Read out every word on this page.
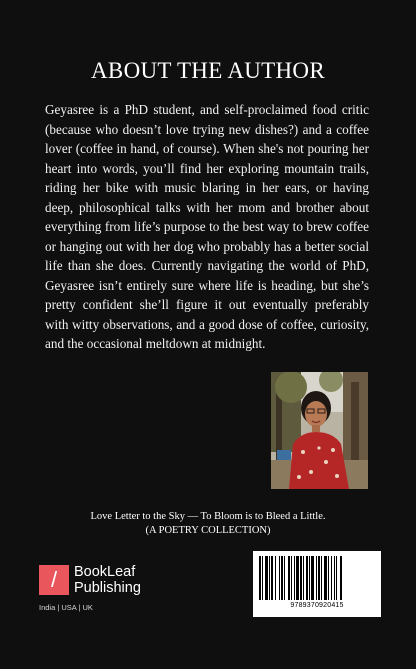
ABOUT THE AUTHOR
Geyasree is a PhD student, and self-proclaimed food critic (because who doesn’t love trying new dishes?) and a coffee lover (coffee in hand, of course). When she's not pouring her heart into words, you’ll find her exploring mountain trails, riding her bike with music blaring in her ears, or having deep, philosophical talks with her mom and brother about everything from life’s purpose to the best way to brew coffee or hanging out with her dog who probably has a better social life than she does. Currently navigating the world of PhD, Geyasree isn’t entirely sure where life is heading, but she’s pretty confident she’ll figure it out eventually preferably with witty observations, and a good dose of coffee, curiosity, and the occasional meltdown at midnight.
Love Letter to the Sky — To Bloom is to Bleed a Little.
(A POETRY COLLECTION)
/	BookLeaf
Publishing
India | USA | UK	9789370920415
